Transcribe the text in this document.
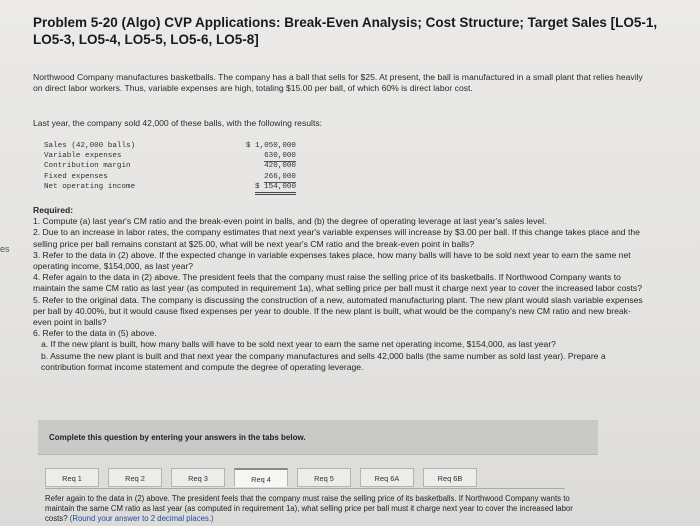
es
Problem 5-20 (Algo) CVP Applications: Break-Even Analysis; Cost Structure; Target Sales [LO5-1, LO5-3, LO5-4, LO5-5, LO5-6, LO5-8]

Northwood Company manufactures basketballs. The company has a ball that sells for $25. At present, the ball is manufactured in a small plant that relies heavily on direct labor workers. Thus, variable expenses are high, totaling $15.00 per ball, of which 60% is direct labor cost.

Last year, the company sold 42,000 of these balls, with the following results:

Sales (42,000 balls)	$ 1,050,000
Variable expenses	630,000
Contribution margin	420,000
Fixed expenses	266,000
Net operating income	$ 154,000
Required:
1. Compute (a) last year's CM ratio and the break-even point in balls, and (b) the degree of operating leverage at last year's sales level.
2. Due to an increase in labor rates, the company estimates that next year's variable expenses will increase by $3.00 per ball. If this change takes place and the selling price per ball remains constant at $25.00, what will be next year's CM ratio and the break-even point in balls?
3. Refer to the data in (2) above. If the expected change in variable expenses takes place, how many balls will have to be sold next year to earn the same net operating income, $154,000, as last year?
4. Refer again to the data in (2) above. The president feels that the company must raise the selling price of its basketballs. If Northwood Company wants to maintain the same CM ratio as last year (as computed in requirement 1a), what selling price per ball must it charge next year to cover the increased labor costs?
5. Refer to the original data. The company is discussing the construction of a new, automated manufacturing plant. The new plant would slash variable expenses per ball by 40.00%, but it would cause fixed expenses per year to double. If the new plant is built, what would be the company's new CM ratio and new break-even point in balls?
6. Refer to the data in (5) above.
a. If the new plant is built, how many balls will have to be sold next year to earn the same net operating income, $154,000, as last year?
b. Assume the new plant is built and that next year the company manufactures and sells 42,000 balls (the same number as sold last year). Prepare a contribution format income statement and compute the degree of operating leverage.
Complete this question by entering your answers in the tabs below.
Req 1	Req 2	Req 3	Req 4	Req 5	Req 6A	Req 6B
Refer again to the data in (2) above. The president feels that the company must raise the selling price of its basketballs. If Northwood Company wants to maintain the same CM ratio as last year (as computed in requirement 1a), what selling price per ball must it charge next year to cover the increased labor costs? (Round your answer to 2 decimal places.)
